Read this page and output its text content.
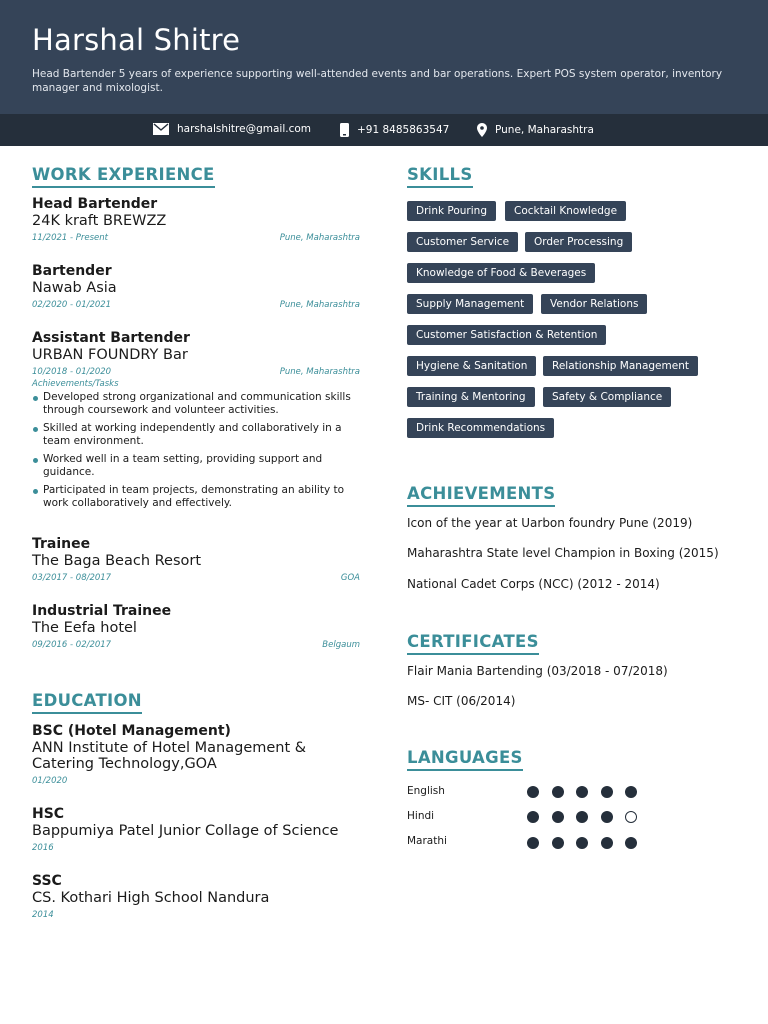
Harshal Shitre
Head Bartender 5 years of experience supporting well-attended events and bar operations. Expert POS system operator, inventory manager and mixologist.
harshalshitre@gmail.com	+91 8485863547	Pune, Maharashtra
WORK EXPERIENCE
Head Bartender
24K kraft BREWZZ
11/2021 - Present	Pune, Maharashtra
Bartender
Nawab Asia
02/2020 - 01/2021	Pune, Maharashtra
Assistant Bartender
URBAN FOUNDRY Bar
10/2018 - 01/2020	Pune, Maharashtra
Achievements/Tasks
Developed strong organizational and communication skills through coursework and volunteer activities.
Skilled at working independently and collaboratively in a team environment.
Worked well in a team setting, providing support and guidance.
Participated in team projects, demonstrating an ability to work collaboratively and effectively.
Trainee
The Baga Beach Resort
03/2017 - 08/2017	GOA
Industrial Trainee
The Eefa hotel
09/2016 - 02/2017	Belgaum
EDUCATION
BSC (Hotel Management)
ANN Institute of Hotel Management & Catering Technology,GOA
01/2020
HSC
Bappumiya Patel Junior Collage of Science
2016
SSC
CS. Kothari High School Nandura
2014
SKILLS
Drink Pouring	Cocktail Knowledge
Customer Service	Order Processing
Knowledge of Food & Beverages
Supply Management	Vendor Relations
Customer Satisfaction & Retention
Hygiene & Sanitation	Relationship Management
Training & Mentoring	Safety & Compliance
Drink Recommendations
ACHIEVEMENTS
Icon of the year at Uarbon foundry Pune (2019)
Maharashtra State level Champion in Boxing (2015)
National Cadet Corps (NCC) (2012 - 2014)
CERTIFICATES
Flair Mania Bartending (03/2018 - 07/2018)
MS- CIT (06/2014)
LANGUAGES
English
Hindi
Marathi
